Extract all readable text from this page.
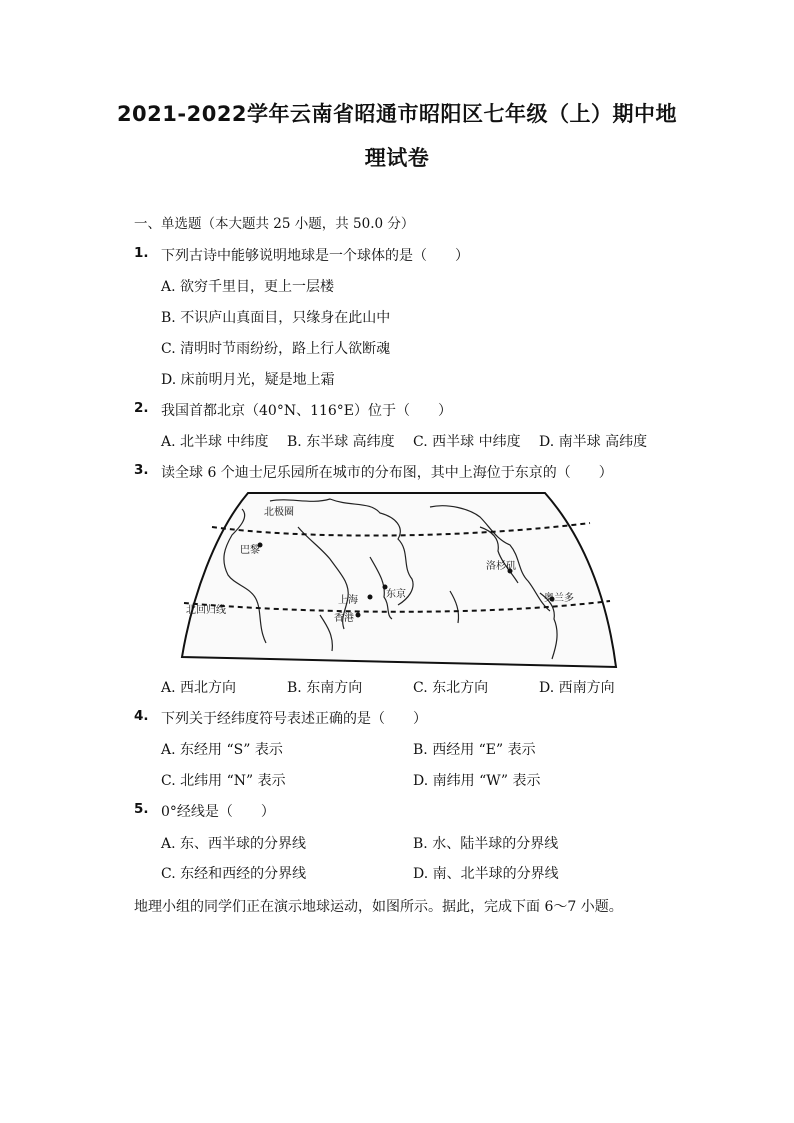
2021-2022学年云南省昭通市昭阳区七年级（上）期中地
理试卷
一、单选题（本大题共 25 小题，共 50.0 分）
1. 下列古诗中能够说明地球是一个球体的是（　　）
A. 欲穷千里目，更上一层楼
B. 不识庐山真面目，只缘身在此山中
C. 清明时节雨纷纷，路上行人欲断魂
D. 床前明月光，疑是地上霜
2. 我国首都北京（40°N、116°E）位于（　　）
A. 北半球 中纬度 B. 东半球 高纬度 C. 西半球 中纬度 D. 南半球 高纬度
3. 读全球 6 个迪士尼乐园所在城市的分布图，其中上海位于东京的（　　）
北极圈
巴黎
上海
香港
东京
洛杉矶
奥兰多
北回归线
A. 西北方向	B. 东南方向	C. 东北方向	D. 西南方向
4. 下列关于经纬度符号表述正确的是（　　）
A. 东经用 “S” 表示	B. 西经用 “E” 表示
C. 北纬用 “N” 表示	D. 南纬用 “W” 表示
5. 0°经线是（　　）
A. 东、西半球的分界线	B. 水、陆半球的分界线
C. 东经和西经的分界线	D. 南、北半球的分界线
地理小组的同学们正在演示地球运动，如图所示。据此，完成下面 6～7 小题。
